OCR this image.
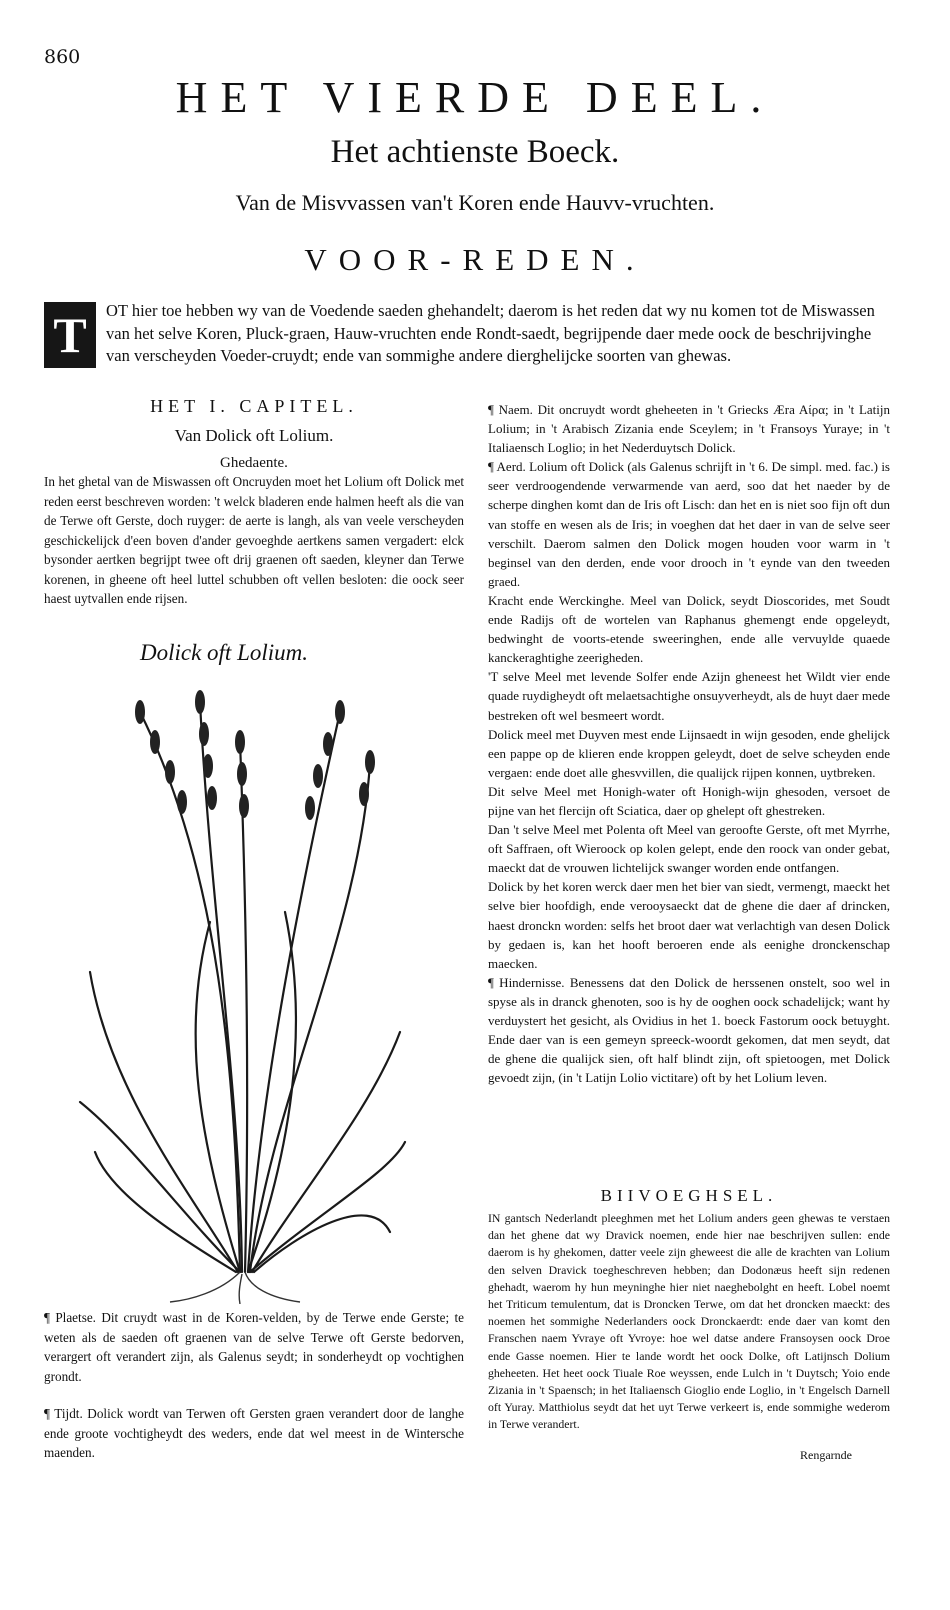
860
HET VIERDE DEEL.
Het achtienste Boeck.
Van de Misvvassen van't Koren ende Hauvv-vruchten.
VOOR-REDEN.
T	OT hier toe hebben wy van de Voedende saeden ghehandelt; daerom is het reden dat wy nu komen tot de Miswassen van het selve Koren, Pluck-graen, Hauw-vruchten ende Rondt-saedt, begrijpende daer mede oock de beschrijvinghe van verscheyden Voeder-cruydt; ende van sommighe andere dierghelijcke soorten van ghewas.
HET I. CAPITEL.
Van Dolick oft Lolium.
Ghedaente.

In het ghetal van de Miswassen oft Oncruyden moet het Lolium oft Dolick met reden eerst beschreven worden: 't welck bladeren ende halmen heeft als die van de Terwe oft Gerste, doch ruyger: de aerte is langh, als van veele verscheyden geschickelijck d'een boven d'ander gevoeghde aertkens samen vergadert: elck bysonder aertken begrijpt twee oft drij graenen oft saeden, kleyner dan Terwe korenen, in gheene oft heel luttel schubben oft vellen besloten: die oock seer haest uytvallen ende rijsen.

Dolick oft Lolium.

¶ Plaetse. Dit cruydt wast in de Koren-velden, by de Terwe ende Gerste; te weten als de saeden oft graenen van de selve Terwe oft Gerste bedorven, verargert oft verandert zijn, als Galenus seydt; in sonderheydt op vochtighen grondt.

¶ Tijdt. Dolick wordt van Terwen oft Gersten graen verandert door de langhe ende groote vochtigheydt des weders, ende dat wel meest in de Wintersche maenden.

¶ Naem. Dit oncruydt wordt gheheeten in 't Griecks Æra Aίρα; in 't Latijn Lolium; in 't Arabisch Zizania ende Sceylem; in 't Fransoys Yuraye; in 't Italiaensch Loglio; in het Nederduytsch Dolick.

¶ Aerd. Lolium oft Dolick (als Galenus schrijft in 't 6. De simpl. med. fac.) is seer verdroogendende verwarmende van aerd, soo dat het naeder by de scherpe dinghen komt dan de Iris oft Lisch: dan het en is niet soo fijn oft dun van stoffe en wesen als de Iris; in voeghen dat het daer in van de selve seer verschilt. Daerom salmen den Dolick mogen houden voor warm in 't beginsel van den derden, ende voor drooch in 't eynde van den tweeden graed.

Kracht ende Werckinghe. Meel van Dolick, seydt Dioscorides, met Soudt ende Radijs oft de wortelen van Raphanus ghemengt ende opgeleydt, bedwinght de voorts-etende sweeringhen, ende alle vervuylde quaede kanckeraghtighe zeerigheden.

'T selve Meel met levende Solfer ende Azijn gheneest het Wildt vier ende quade ruydigheydt oft melaetsachtighe onsuyverheydt, als de huyt daer mede bestreken oft wel besmeert wordt.

Dolick meel met Duyven mest ende Lijnsaedt in wijn gesoden, ende ghelijck een pappe op de klieren ende kroppen geleydt, doet de selve scheyden ende vergaen: ende doet alle ghesvvillen, die qualijck rijpen konnen, uytbreken.

Dit selve Meel met Honigh-water oft Honigh-wijn ghesoden, versoet de pijne van het flercijn oft Sciatica, daer op ghelept oft ghestreken.

Dan 't selve Meel met Polenta oft Meel van geroofte Gerste, oft met Myrrhe, oft Saffraen, oft Wieroock op kolen gelept, ende den roock van onder gebat, maeckt dat de vrouwen lichtelijck swanger worden ende ontfangen.

Dolick by het koren werck daer men het bier van siedt, vermengt, maeckt het selve bier hoofdigh, ende verooysaeckt dat de ghene die daer af drincken, haest dronckn worden: selfs het broot daer wat verlachtigh van desen Dolick by gedaen is, kan het hooft beroeren ende als eenighe dronckenschap maecken.

¶ Hindernisse. Benessens dat den Dolick de herssenen onstelt, soo wel in spyse als in dranck ghenoten, soo is hy de ooghen oock schadelijck; want hy verduystert het gesicht, als Ovidius in het 1. boeck Fastorum oock betuyght. Ende daer van is een gemeyn spreeck-woordt gekomen, dat men seydt, dat de ghene die qualijck sien, oft half blindt zijn, oft spietoogen, met Dolick gevoedt zijn, (in 't Latijn Lolio victitare) oft by het Lolium leven.

BIIVOEGHSEL.

IN gantsch Nederlandt pleeghmen met het Lolium anders geen ghewas te verstaen dan het ghene dat wy Dravick noemen, ende hier nae beschrijven sullen: ende daerom is hy ghekomen, datter veele zijn gheweest die alle de krachten van Lolium den selven Dravick toegheschreven hebben; dan Dodonæus heeft sijn redenen ghehadt, waerom hy hun meyninghe hier niet naeghebolght en heeft. Lobel noemt het Triticum temulentum, dat is Droncken Terwe, om dat het droncken maeckt: des noemen het sommighe Nederlanders oock Dronckaerdt: ende daer van komt den Franschen naem Yvraye oft Yvroye: hoe wel datse andere Fransoysen oock Droe ende Gasse noemen. Hier te lande wordt het oock Dolke, oft Latijnsch Dolium gheheeten. Het heet oock Tiuale Roe weyssen, ende Lulch in 't Duytsch; Yoio ende Zizania in 't Spaensch; in het Italiaensch Gioglio ende Loglio, in 't Engelsch Darnell oft Yuray. Matthiolus seydt dat het uyt Terwe verkeert is, ende sommighe wederom in Terwe verandert.

Rengarnde
